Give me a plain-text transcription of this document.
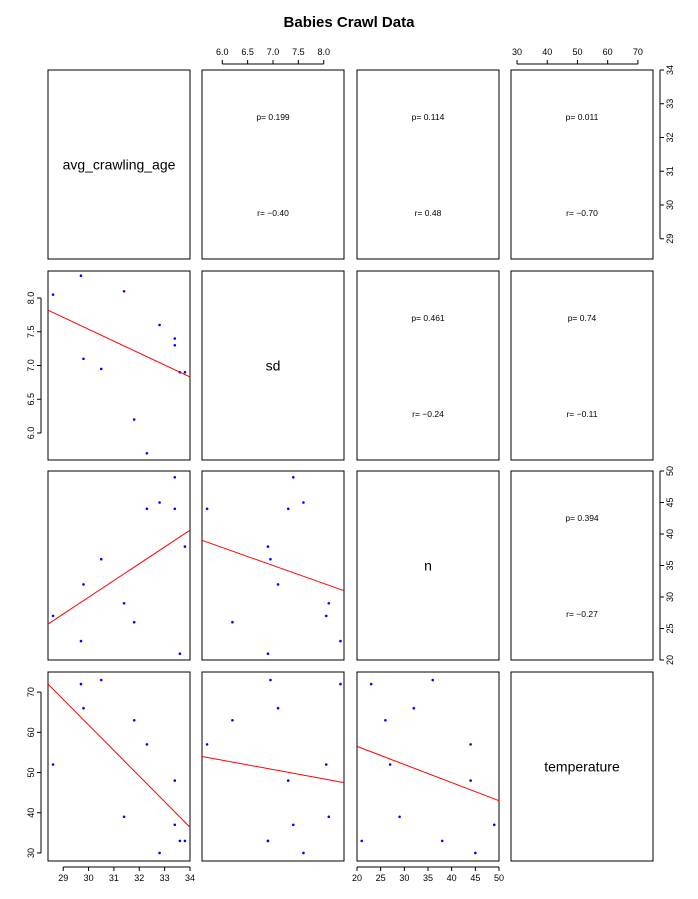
Babies Crawl Data
avg_crawling_age
sd
n
temperature
p= 0.199
r= −0.40
p= 0.114
r= 0.48
p= 0.011
r= −0.70
p= 0.461
r= −0.24
p= 0.74
r= −0.11
p= 0.394
r= −0.27
6.0 6.5 7.0 7.5 8.0	30 40 50 60 70
29 30 31 32 33 34	20 25 30 35 40 45 50
6.0
6.5
7.0
7.5
8.0
30
40
50
60
70
29
30
31
32
33
34
20
25
30
35
40
45
50
